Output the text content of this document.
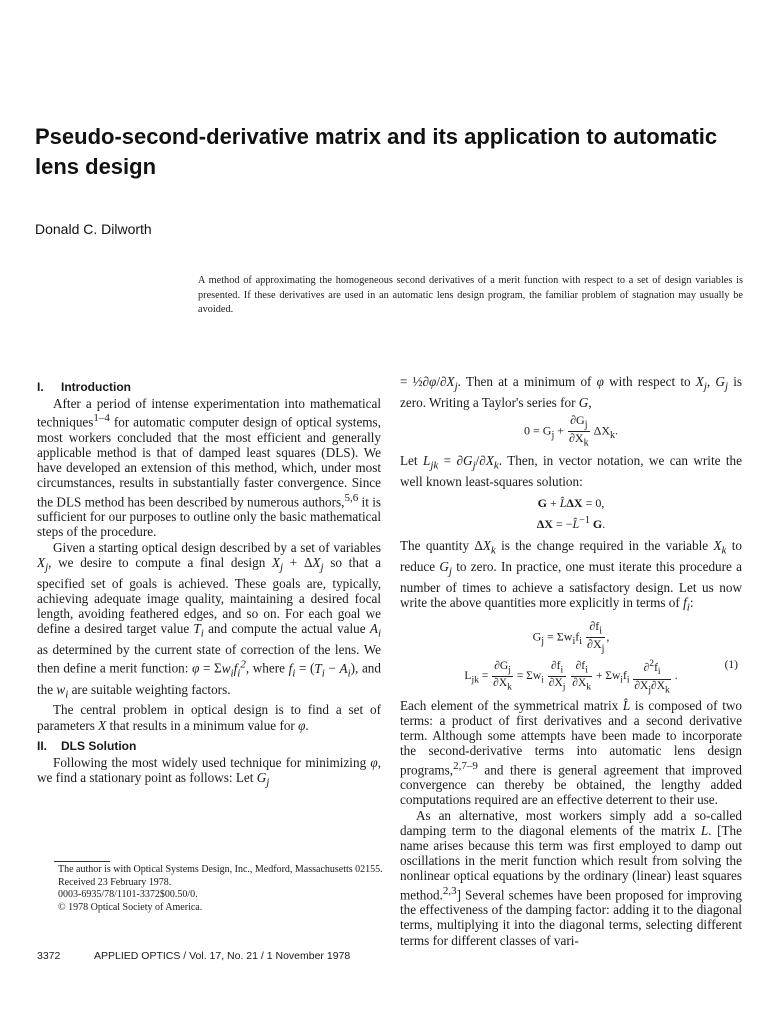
Pseudo-second-derivative matrix and its application to automatic lens design
Donald C. Dilworth

A method of approximating the homogeneous second derivatives of a merit function with respect to a set of design variables is presented. If these derivatives are used in an automatic lens design program, the familiar problem of stagnation may usually be avoided.

I. Introduction

After a period of intense experimentation into mathematical techniques$^{1-4}$ for automatic computer design of optical systems, most workers concluded that the most efficient and generally applicable method is that of damped least squares (DLS). We have developed an extension of this method, which, under most circumstances, results in substantially faster convergence. Since the DLS method has been described by numerous authors,$^{5,6}$ it is sufficient for our purposes to outline only the basic mathematical steps of the procedure.

Given a starting optical design described by a set of variables $X_j$, we desire to compute a final design $X_j + \Delta X_j$ so that a specified set of goals is achieved. These goals are, typically, achieving adequate image quality, maintaining a desired focal length, avoiding feathered edges, and so on. For each goal we define a desired target value $T_i$ and compute the actual value $A_i$ as determined by the current state of correction of the lens. We then define a merit function: $\varphi = \Sigma w_if_i^2$, where $f_i = (T_i - A_i)$, and the $w_i$ are suitable weighting factors.

The central problem in optical design is to find a set of parameters X that results in a minimum value for φ.

II. DLS Solution

Following the most widely used technique for minimizing φ, we find a stationary point as follows: Let $G_j$

= $\frac{1}{2}\partial\varphi/\partial X_j$. Then at a minimum of φ with respect to $X_j$, $G_j$ is zero. Writing a Taylor's series for G,

$0 = G_j + \frac{\partial G_j}{\partial X_k} \Delta X_k$.

Let $L_{jk} = \partial G_j/\partial X_k$. Then, in vector notation, we can write the well known least-squares solution:

G + L̂ΔX = 0,
ΔX = −L̂$^{-1}$ G.

The quantity $\Delta X_k$ is the change required in the variable $X_k$ to reduce $G_j$ to zero. In practice, one must iterate this procedure a number of times to achieve a satisfactory design. Let us now write the above quantities more explicitly in terms of $f_i$:

$G_j = \Sigma w_if_i \frac{\partial f_i}{\partial X_j}$ ,
$L_{jk} = \frac{\partial G_j}{\partial X_k} = \Sigma w_i \frac{\partial f_i}{\partial X_j}$
$\frac{\partial f_i}{\partial X_k} + \Sigma w_if_i \frac{\partial^2f_i}{\partial X_j\partial X_k}$ .
(1)

Each element of the symmetrical matrix L̂ is composed of two terms: a product of first derivatives and a second derivative term. Although some attempts have been made to incorporate the second-derivative terms into automatic lens design programs,$^{2,7-9}$ and there is general agreement that improved convergence can thereby be obtained, the lengthy added computations required are an effective deterrent to their use.

As an alternative, most workers simply add a so-called damping term to the diagonal elements of the matrix L. [The name arises because this term was first employed to damp out oscillations in the merit function which result from solving the nonlinear optical equations by the ordinary (linear) least squares method.$^{2,3}$] Several schemes have been proposed for improving the effectiveness of the damping factor: adding it to the diagonal terms, multiplying it into the diagonal terms, selecting different terms for different classes of vari-

The author is with Optical Systems Design, Inc., Medford, Massachusetts 02155.
Received 23 February 1978.
0003-6935/78/1101-3372$00.50/0.
© 1978 Optical Society of America.
3372	APPLIED OPTICS / Vol. 17, No. 21 / 1 November 1978
